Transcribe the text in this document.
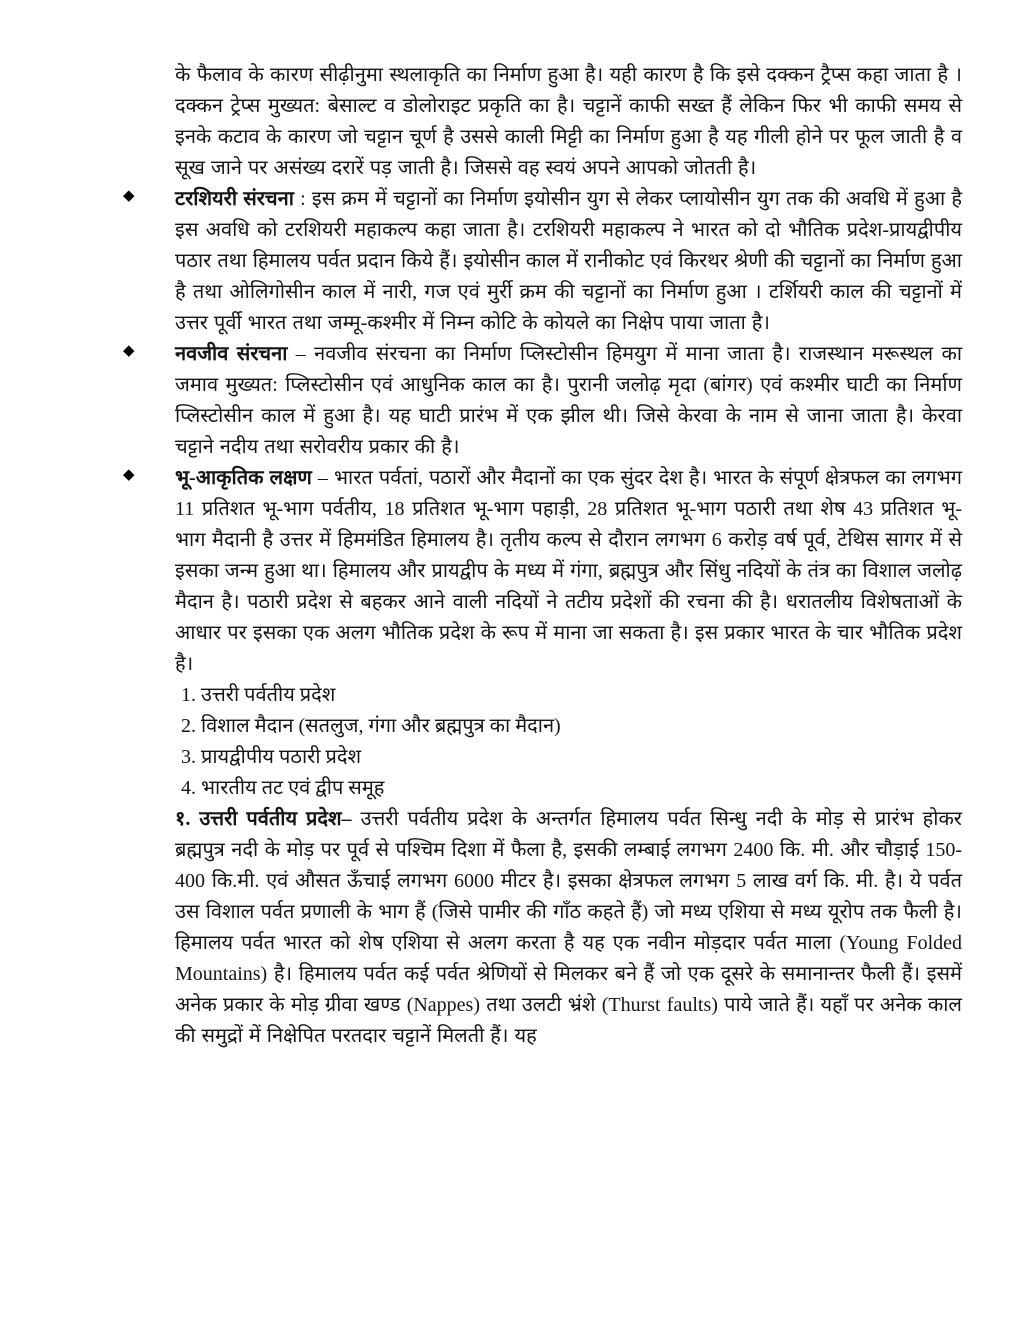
के फैलाव के कारण सीढ़ीनुमा स्थलाकृति का निर्माण हुआ है। यही कारण है कि इसे दक्कन ट्रैप्स कहा जाता है । दक्कन ट्रेप्स मुख्यत: बेसाल्ट व डोलोराइट प्रकृति का है। चट्टानें काफी सख्त हैं लेकिन फिर भी काफी समय से इनके कटाव के कारण जो चट्टान चूर्ण है उससे काली मिट्टी का निर्माण हुआ है यह गीली होने पर फूल जाती है व सूख जाने पर असंख्य दरारें पड़ जाती है। जिससे वह स्वयं अपने आपको जोतती है।

◆ टरशियरी संरचना : इस क्रम में चट्टानों का निर्माण इयोसीन युग से लेकर प्लायोसीन युग तक की अवधि में हुआ है इस अवधि को टरशियरी महाकल्प कहा जाता है। टरशियरी महाकल्प ने भारत को दो भौतिक प्रदेश-प्रायद्वीपीय पठार तथा हिमालय पर्वत प्रदान किये हैं। इयोसीन काल में रानीकोट एवं किरथर श्रेणी की चट्टानों का निर्माण हुआ है तथा ओलिगोसीन काल में नारी, गज एवं मुर्री क्रम की चट्टानों का निर्माण हुआ । टर्शियरी काल की चट्टानों में उत्तर पूर्वी भारत तथा जम्मू-कश्मीर में निम्न कोटि के कोयले का निक्षेप पाया जाता है।

◆ नवजीव संरचना – नवजीव संरचना का निर्माण प्लिस्टोसीन हिमयुग में माना जाता है। राजस्थान मरूस्थल का जमाव मुख्यत: प्लिस्टोसीन एवं आधुनिक काल का है। पुरानी जलोढ़ मृदा (बांगर) एवं कश्मीर घाटी का निर्माण प्लिस्टोसीन काल में हुआ है। यह घाटी प्रारंभ में एक झील थी। जिसे केरवा के नाम से जाना जाता है। केरवा चट्टाने नदीय तथा सरोवरीय प्रकार की है।

◆ भू-आकृतिक लक्षण – भारत पर्वतां, पठारों और मैदानों का एक सुंदर देश है। भारत के संपूर्ण क्षेत्रफल का लगभग 11 प्रतिशत भू-भाग पर्वतीय, 18 प्रतिशत भू-भाग पहाड़ी, 28 प्रतिशत भू-भाग पठारी तथा शेष 43 प्रतिशत भू-भाग मैदानी है उत्तर में हिममंडित हिमालय है। तृतीय कल्प से दौरान लगभग 6 करोड़ वर्ष पूर्व, टेथिस सागर में से इसका जन्म हुआ था। हिमालय और प्रायद्वीप के मध्य में गंगा, ब्रह्मपुत्र और सिंधु नदियों के तंत्र का विशाल जलोढ़ मैदान है। पठारी प्रदेश से बहकर आने वाली नदियों ने तटीय प्रदेशों की रचना की है। धरातलीय विशेषताओं के आधार पर इसका एक अलग भौतिक प्रदेश के रूप में माना जा सकता है। इस प्रकार भारत के चार भौतिक प्रदेश है।

1. उत्तरी पर्वतीय प्रदेश
2. विशाल मैदान (सतलुज, गंगा और ब्रह्मपुत्र का मैदान)
3. प्रायद्वीपीय पठारी प्रदेश
4. भारतीय तट एवं द्वीप समूह

१. उत्तरी पर्वतीय प्रदेश– उत्तरी पर्वतीय प्रदेश के अन्तर्गत हिमालय पर्वत सिन्धु नदी के मोड़ से प्रारंभ होकर ब्रह्मपुत्र नदी के मोड़ पर पूर्व से पश्चिम दिशा में फैला है, इसकी लम्बाई लगभग 2400 कि. मी. और चौड़ाई 150-400 कि.मी. एवं औसत ऊँचाई लगभग 6000 मीटर है। इसका क्षेत्रफल लगभग 5 लाख वर्ग कि. मी. है। ये पर्वत उस विशाल पर्वत प्रणाली के भाग हैं (जिसे पामीर की गाँठ कहते हैं) जो मध्य एशिया से मध्य यूरोप तक फैली है। हिमालय पर्वत भारत को शेष एशिया से अलग करता है यह एक नवीन मोड़दार पर्वत माला (Young Folded Mountains) है। हिमालय पर्वत कई पर्वत श्रेणियों से मिलकर बने हैं जो एक दूसरे के समानान्तर फैली हैं। इसमें अनेक प्रकार के मोड़ ग्रीवा खण्ड (Nappes) तथा उलटी भ्रंशे (Thurst faults) पाये जाते हैं। यहाँ पर अनेक काल की समुद्रों में निक्षेपित परतदार चट्टानें मिलती हैं। यह
